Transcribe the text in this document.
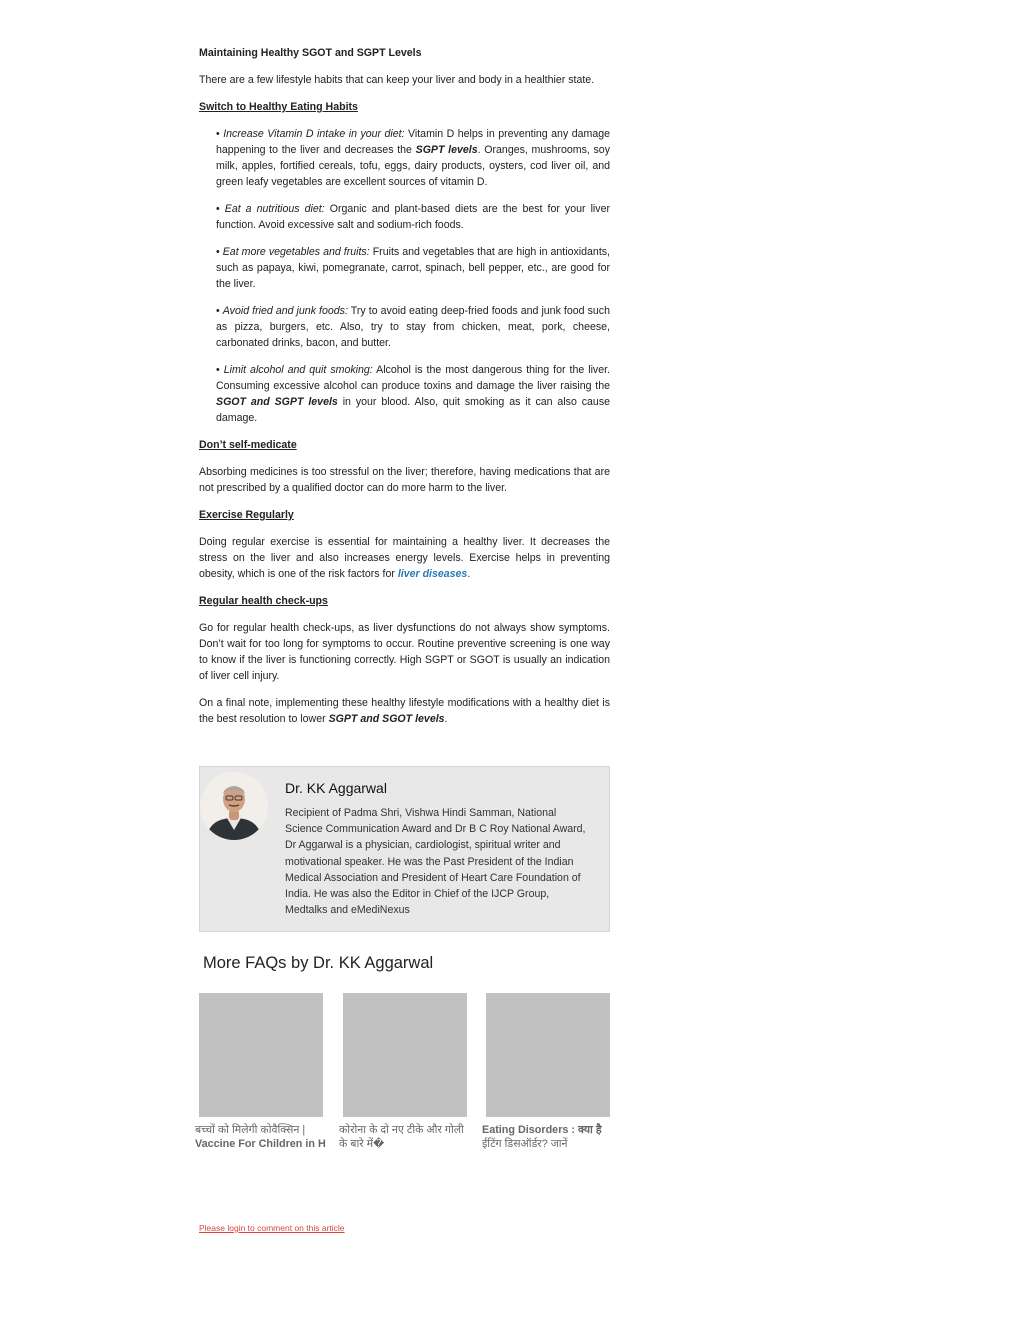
Maintaining Healthy SGOT and SGPT Levels
There are a few lifestyle habits that can keep your liver and body in a healthier state.
Switch to Healthy Eating Habits
• Increase Vitamin D intake in your diet: Vitamin D helps in preventing any damage happening to the liver and decreases the SGPT levels. Oranges, mushrooms, soy milk, apples, fortified cereals, tofu, eggs, dairy products, oysters, cod liver oil, and green leafy vegetables are excellent sources of vitamin D.
• Eat a nutritious diet: Organic and plant-based diets are the best for your liver function. Avoid excessive salt and sodium-rich foods.
• Eat more vegetables and fruits: Fruits and vegetables that are high in antioxidants, such as papaya, kiwi, pomegranate, carrot, spinach, bell pepper, etc., are good for the liver.
• Avoid fried and junk foods: Try to avoid eating deep-fried foods and junk food such as pizza, burgers, etc. Also, try to stay from chicken, meat, pork, cheese, carbonated drinks, bacon, and butter.
• Limit alcohol and quit smoking: Alcohol is the most dangerous thing for the liver. Consuming excessive alcohol can produce toxins and damage the liver raising the SGOT and SGPT levels in your blood. Also, quit smoking as it can also cause damage.
Don’t self-medicate
Absorbing medicines is too stressful on the liver; therefore, having medications that are not prescribed by a qualified doctor can do more harm to the liver.
Exercise Regularly
Doing regular exercise is essential for maintaining a healthy liver. It decreases the stress on the liver and also increases energy levels. Exercise helps in preventing obesity, which is one of the risk factors for liver diseases.
Regular health check-ups
Go for regular health check-ups, as liver dysfunctions do not always show symptoms. Don’t wait for too long for symptoms to occur. Routine preventive screening is one way to know if the liver is functioning correctly. High SGPT or SGOT is usually an indication of liver cell injury.
On a final note, implementing these healthy lifestyle modifications with a healthy diet is the best resolution to lower SGPT and SGOT levels.
Dr. KK Aggarwal
Recipient of Padma Shri, Vishwa Hindi Samman, National Science Communication Award and Dr B C Roy National Award, Dr Aggarwal is a physician, cardiologist, spiritual writer and motivational speaker. He was the Past President of the Indian Medical Association and President of Heart Care Foundation of India. He was also the Editor in Chief of the IJCP Group, Medtalks and eMediNexus
More FAQs by Dr. KK Aggarwal
बच्चों को मिलेगी कोवैक्सिन |
Vaccine For Children in H
कोरोना के दो नए टीके और गोली
के बारे में�
Eating Disorders : क्या है
ईटिंग डिसऑर्डर? जानें
Please login to comment on this article
